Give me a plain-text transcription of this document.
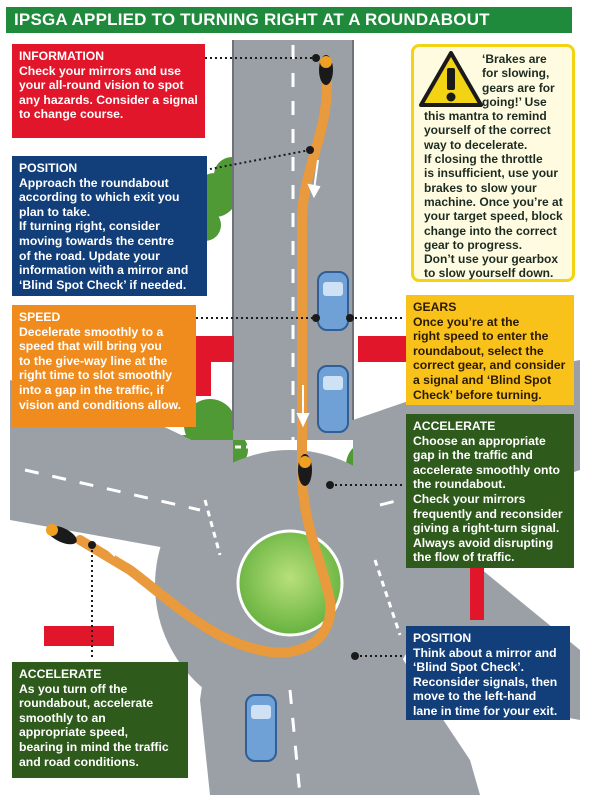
IPSGA APPLIED TO TURNING RIGHT AT A ROUNDABOUT
INFORMATION
Check your mirrors and use
your all-round vision to spot
any hazards. Consider a signal
to change course.
POSITION
Approach the roundabout
according to which exit you
plan to take.
If turning right, consider
moving towards the centre
of the road. Update your
information with a mirror and
‘Blind Spot Check’ if needed.
SPEED
Decelerate smoothly to a
speed that will bring you
to the give-way line at the
right time to slot smoothly
into a gap in the traffic, if
vision and conditions allow.
‘Brakes are
for slowing,
gears are for
going!’ Use
this mantra to remind
yourself of the correct
way to decelerate.
If closing the throttle
is insufficient, use your
brakes to slow your
machine. Once you’re at
your target speed, block
change into the correct
gear to progress.
Don’t use your gearbox
to slow yourself down.
GEARS
Once you’re at the
right speed to enter the
roundabout, select the
correct gear, and consider
a signal and ‘Blind Spot
Check’ before turning.
ACCELERATE
Choose an appropriate
gap in the traffic and
accelerate smoothly onto
the roundabout.
Check your mirrors
frequently and reconsider
giving a right-turn signal.
Always avoid disrupting
the flow of traffic.
POSITION
Think about a mirror and
‘Blind Spot Check’.
Reconsider signals, then
move to the left-hand
lane in time for your exit.
ACCELERATE
As you turn off the
roundabout, accelerate
smoothly to an
appropriate speed,
bearing in mind the traffic
and road conditions.
